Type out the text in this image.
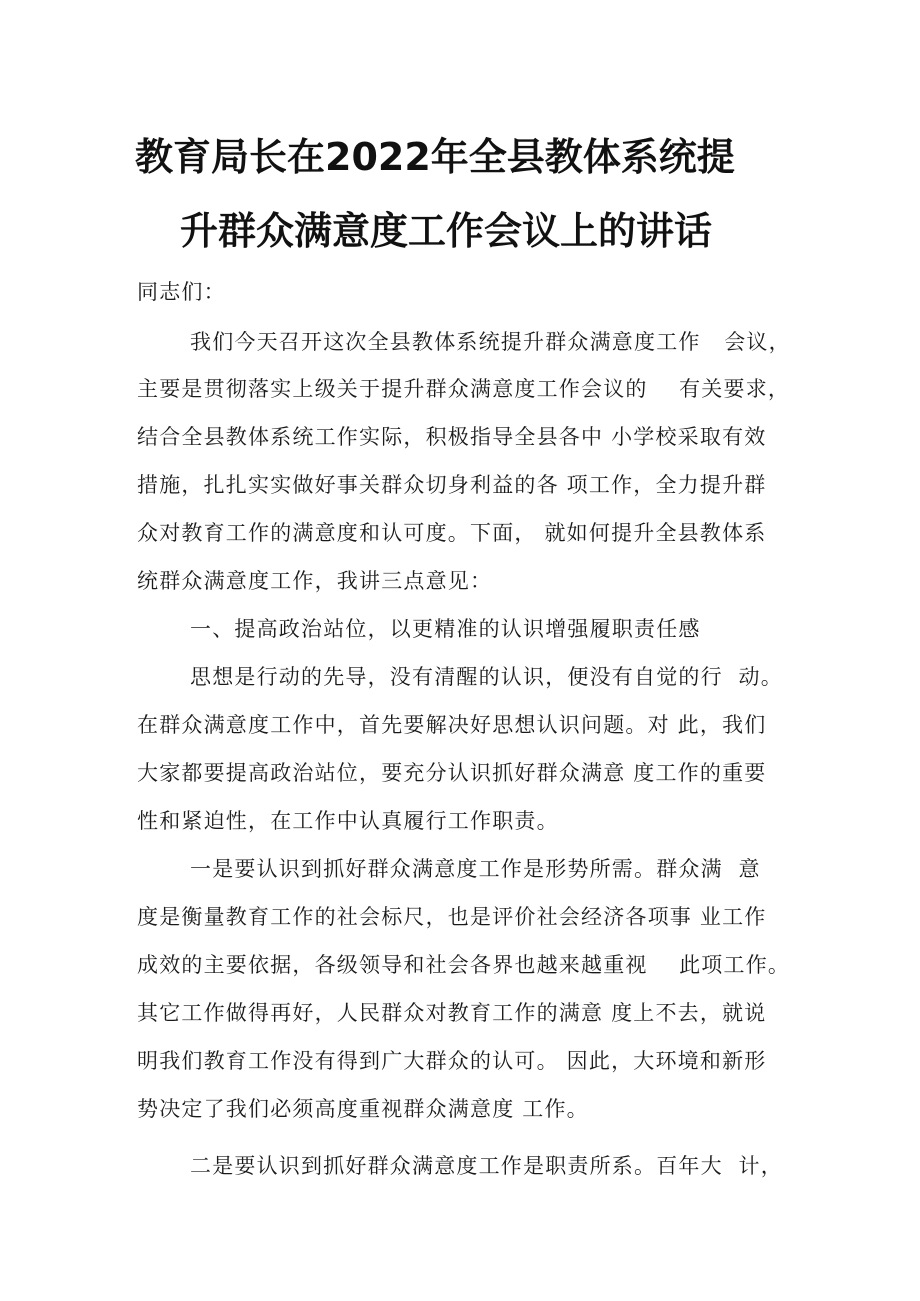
教育局长在2022年全县教体系统提
升群众满意度工作会议上的讲话
同志们：
我们今天召开这次全县教体系统提升群众满意度工作   会议，
主要是贯彻落实上级关于提升群众满意度工作会议的    有关要求，
结合全县教体系统工作实际，积极指导全县各中 小学校采取有效
措施，扎扎实实做好事关群众切身利益的各 项工作，全力提升群
众对教育工作的满意度和认可度。下面， 就如何提升全县教体系
统群众满意度工作，我讲三点意见：
一、提高政治站位，以更精准的认识增强履职责任感
思想是行动的先导，没有清醒的认识，便没有自觉的行  动。
在群众满意度工作中，首先要解决好思想认识问题。对 此，我们
大家都要提高政治站位，要充分认识抓好群众满意 度工作的重要
性和紧迫性，在工作中认真履行工作职责。
一是要认识到抓好群众满意度工作是形势所需。群众满  意
度是衡量教育工作的社会标尺，也是评价社会经济各项事 业工作
成效的主要依据，各级领导和社会各界也越来越重视    此项工作。
其它工作做得再好，人民群众对教育工作的满意 度上不去，就说
明我们教育工作没有得到广大群众的认可。 因此，大环境和新形
势决定了我们必须高度重视群众满意度 工作。
二是要认识到抓好群众满意度工作是职责所系。百年大  计，
